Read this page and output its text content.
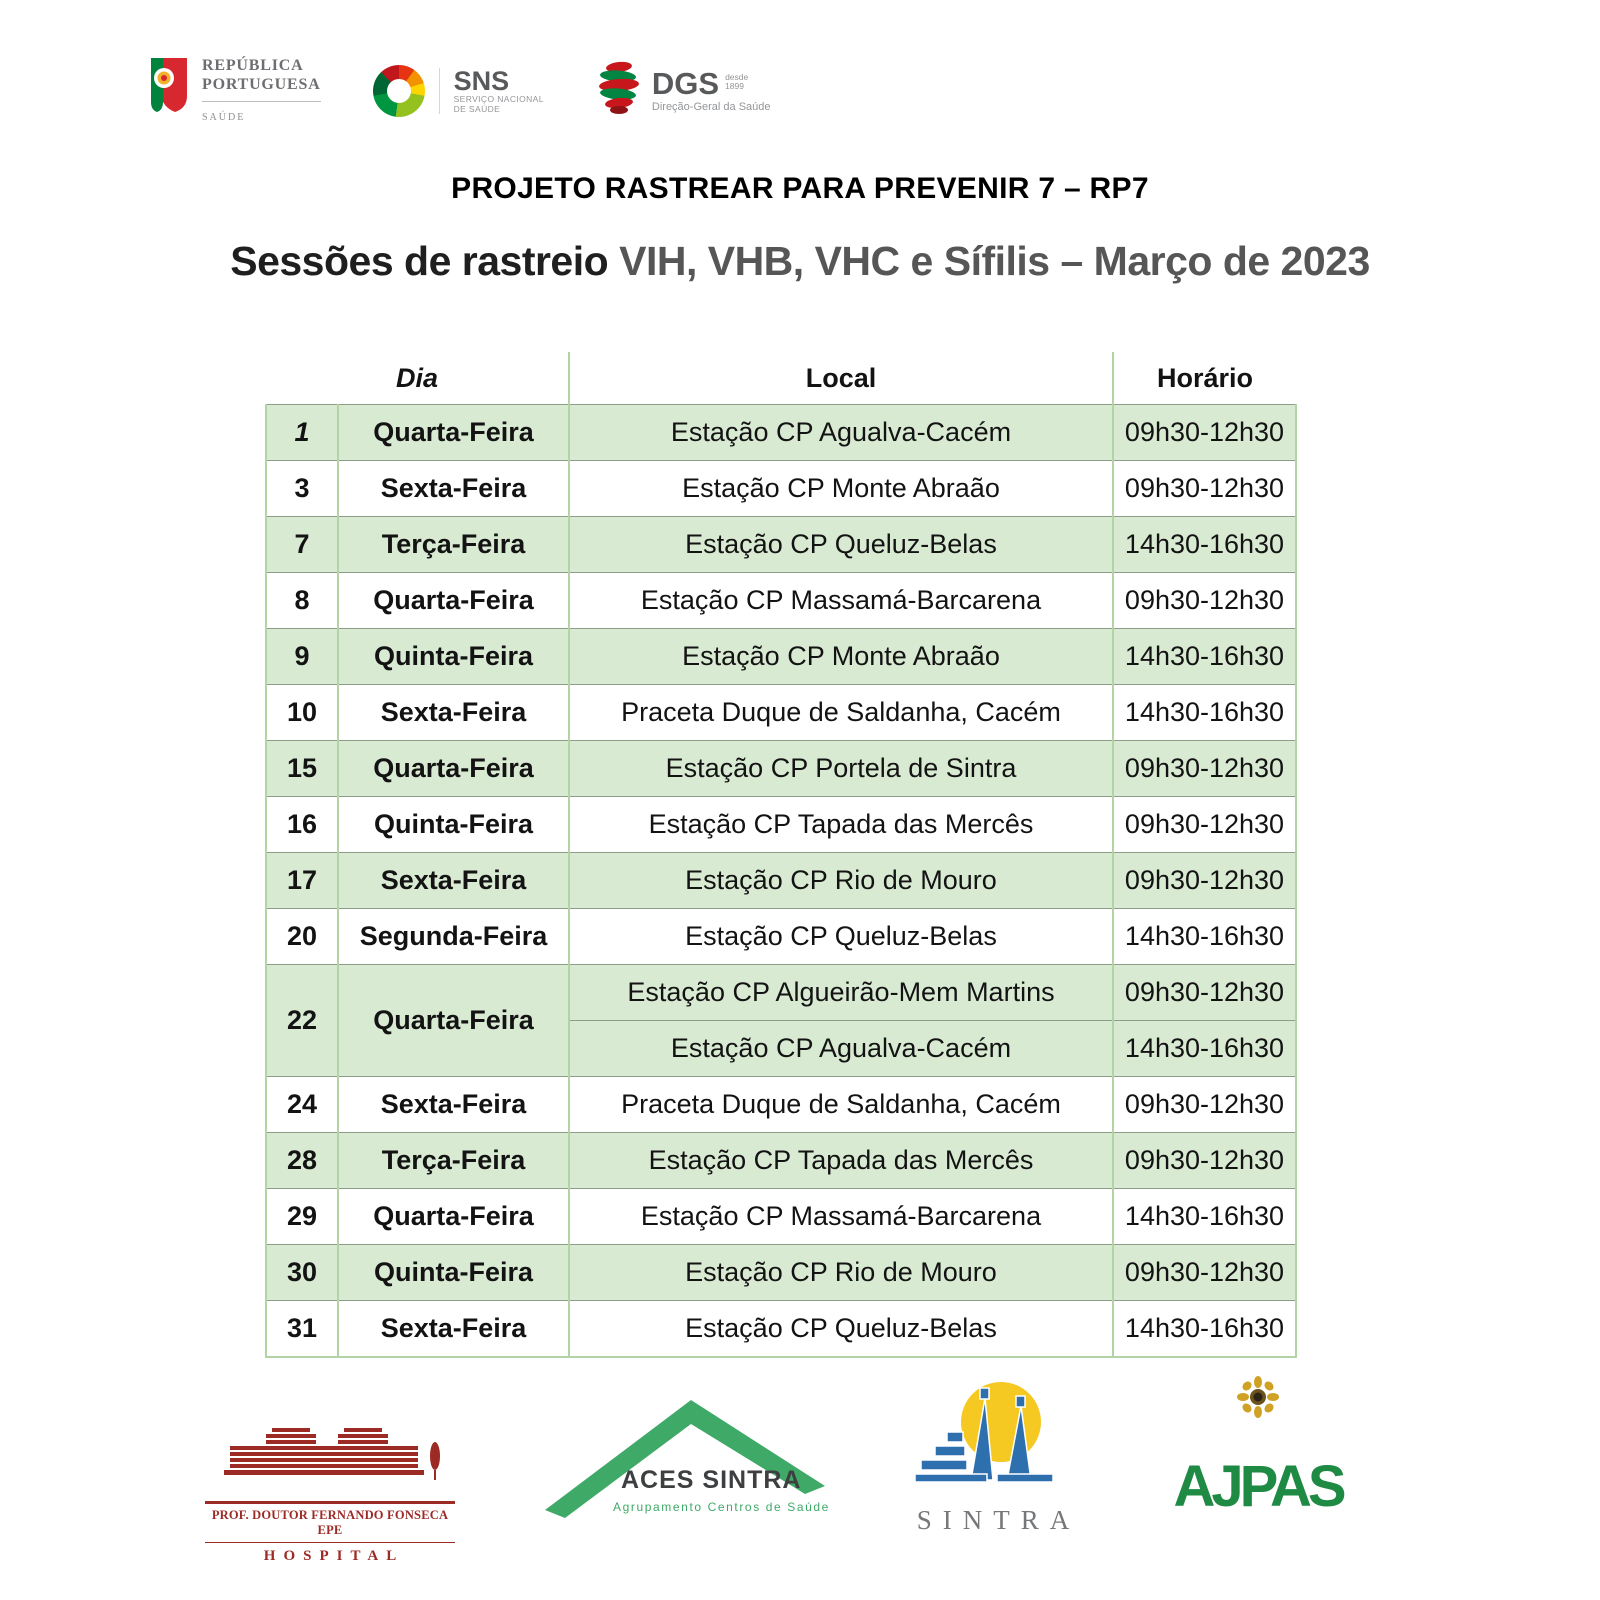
REPÚBLICA
PORTUGUESA
SAÚDE
SNS
SERVIÇO NACIONAL
DE SAÚDE
DGS desde
1899
Direção-Geral da Saúde
PROJETO RASTREAR PARA PREVENIR 7 – RP7
Sessões de rastreio VIH, VHB, VHC e Sífilis – Março de 2023
Dia		Local	Horário
1	Quarta-Feira	Estação CP Agualva-Cacém	09h30-12h30
3	Sexta-Feira	Estação CP Monte Abraão	09h30-12h30
7	Terça-Feira	Estação CP Queluz-Belas	14h30-16h30
8	Quarta-Feira	Estação CP Massamá-Barcarena	09h30-12h30
9	Quinta-Feira	Estação CP Monte Abraão	14h30-16h30
10	Sexta-Feira	Praceta Duque de Saldanha, Cacém	14h30-16h30
15	Quarta-Feira	Estação CP Portela de Sintra	09h30-12h30
16	Quinta-Feira	Estação CP Tapada das Mercês	09h30-12h30
17	Sexta-Feira	Estação CP Rio de Mouro	09h30-12h30
20	Segunda-Feira	Estação CP Queluz-Belas	14h30-16h30
22	Quarta-Feira	Estação CP Algueirão-Mem Martins	09h30-12h30
		Estação CP Agualva-Cacém	14h30-16h30
24	Sexta-Feira	Praceta Duque de Saldanha, Cacém	09h30-12h30
28	Terça-Feira	Estação CP Tapada das Mercês	09h30-12h30
29	Quarta-Feira	Estação CP Massamá-Barcarena	14h30-16h30
30	Quinta-Feira	Estação CP Rio de Mouro	09h30-12h30
31	Sexta-Feira	Estação CP Queluz-Belas	14h30-16h30
PROF. DOUTOR FERNANDO FONSECA EPE
HOSPITAL
ACES SINTRA
Agrupamento Centros de Saúde	SINTRA
AJPAS
